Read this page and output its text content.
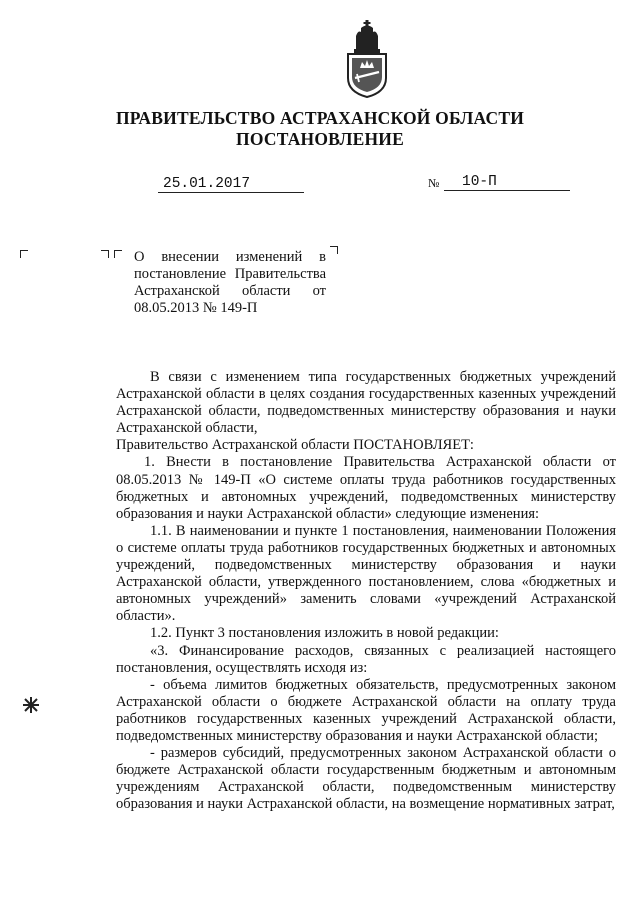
ПРАВИТЕЛЬСТВО АСТРАХАНСКОЙ ОБЛАСТИ
ПОСТАНОВЛЕНИЕ
25.01.2017	№ 10-П
О внесении изменений в постановление Правительства Астраханской области от 08.05.2013 № 149-П

В связи с изменением типа государственных бюджетных учреждений Астраханской области в целях создания государственных казенных учреждений Астраханской области, подведомственных министерству образования и науки Астраханской области,

Правительство Астраханской области ПОСТАНОВЛЯЕТ:

1. Внести в постановление Правительства Астраханской области от 08.05.2013 № 149-П «О системе оплаты труда работников государственных бюджетных и автономных учреждений, подведомственных министерству образования и науки Астраханской области» следующие изменения:

1.1. В наименовании и пункте 1 постановления, наименовании Положения о системе оплаты труда работников государственных бюджетных и автономных учреждений, подведомственных министерству образования и науки Астраханской области, утвержденного постановлением, слова «бюджетных и автономных учреждений» заменить словами «учреждений Астраханской области».

1.2. Пункт 3 постановления изложить в новой редакции:

«3. Финансирование расходов, связанных с реализацией настоящего постановления, осуществлять исходя из:

- объема лимитов бюджетных обязательств, предусмотренных законом Астраханской области о бюджете Астраханской области на оплату труда работников государственных казенных учреждений Астраханской области, подведомственных министерству образования и науки Астраханской области;

- размеров субсидий, предусмотренных законом Астраханской области о бюджете Астраханской области государственным бюджетным и автономным учреждениям Астраханской области, подведомственным министерству образования и науки Астраханской области, на возмещение нормативных затрат,
